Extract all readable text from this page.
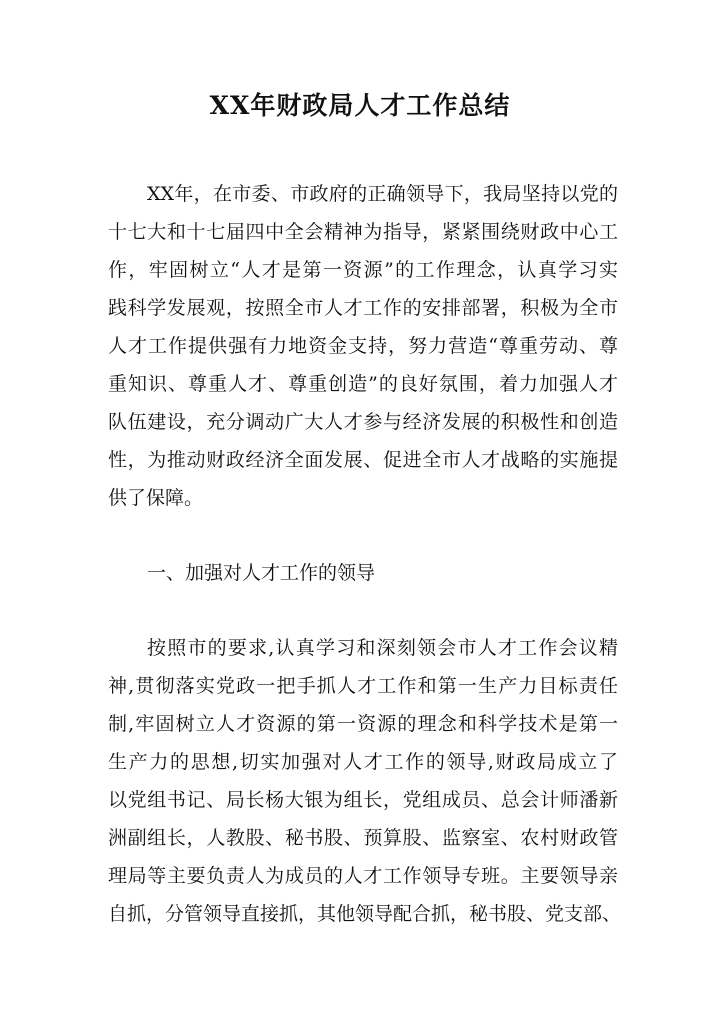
XX年财政局人才工作总结

XX年，在市委、市政府的正确领导下，我局坚持以党的

十七大和十七届四中全会精神为指导，紧紧围绕财政中心工

作，牢固树立“人才是第一资源”的工作理念，认真学习实

践科学发展观，按照全市人才工作的安排部署，积极为全市

人才工作提供强有力地资金支持，努力营造“尊重劳动、尊

重知识、尊重人才、尊重创造”的良好氛围，着力加强人才

队伍建设，充分调动广大人才参与经济发展的积极性和创造

性，为推动财政经济全面发展、促进全市人才战略的实施提

供了保障。

一、加强对人才工作的领导

按照市的要求,认真学习和深刻领会市人才工作会议精

神,贯彻落实党政一把手抓人才工作和第一生产力目标责任

制,牢固树立人才资源的第一资源的理念和科学技术是第一

生产力的思想,切实加强对人才工作的领导,财政局成立了

以党组书记、局长杨大银为组长，党组成员、总会计师潘新

洲副组长，人教股、秘书股、预算股、监察室、农村财政管

理局等主要负责人为成员的人才工作领导专班。主要领导亲

自抓，分管领导直接抓，其他领导配合抓，秘书股、党支部、
